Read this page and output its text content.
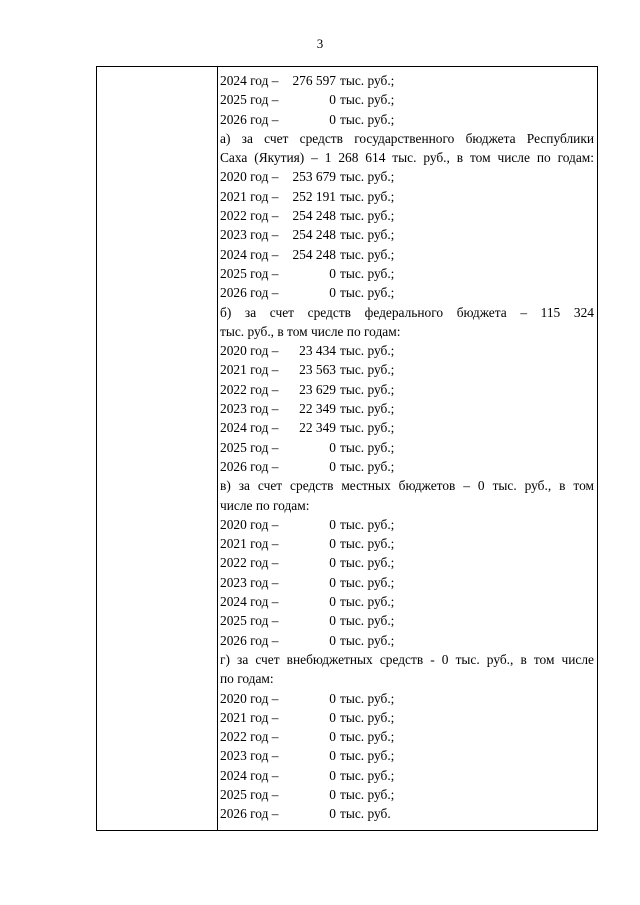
3
2024 год – 276 597 тыс. руб.;
2025 год –	0 тыс. руб.;
2026 год –	0 тыс. руб.;
а) за счет средств государственного бюджета Республики
Саха (Якутия) – 1 268 614 тыс. руб., в том числе по годам:
2020 год – 253 679 тыс. руб.;
2021 год – 252 191 тыс. руб.;
2022 год – 254 248 тыс. руб.;
2023 год – 254 248 тыс. руб.;
2024 год – 254 248 тыс. руб.;
2025 год –	0 тыс. руб.;
2026 год –	0 тыс. руб.;
б) за счет средств федерального бюджета – 115 324
тыс. руб., в том числе по годам:
2020 год – 23 434 тыс. руб.;
2021 год – 23 563 тыс. руб.;
2022 год – 23 629 тыс. руб.;
2023 год – 22 349 тыс. руб.;
2024 год – 22 349 тыс. руб.;
2025 год –	0 тыс. руб.;
2026 год –	0 тыс. руб.;
в) за счет средств местных бюджетов – 0 тыс. руб., в том
числе по годам:
2020 год –	0 тыс. руб.;
2021 год –	0 тыс. руб.;
2022 год –	0 тыс. руб.;
2023 год –	0 тыс. руб.;
2024 год –	0 тыс. руб.;
2025 год –	0 тыс. руб.;
2026 год –	0 тыс. руб.;
г) за счет внебюджетных средств - 0 тыс. руб., в том числе
по годам:
2020 год –	0 тыс. руб.;
2021 год –	0 тыс. руб.;
2022 год –	0 тыс. руб.;
2023 год –	0 тыс. руб.;
2024 год –	0 тыс. руб.;
2025 год –	0 тыс. руб.;
2026 год –	0 тыс. руб.
